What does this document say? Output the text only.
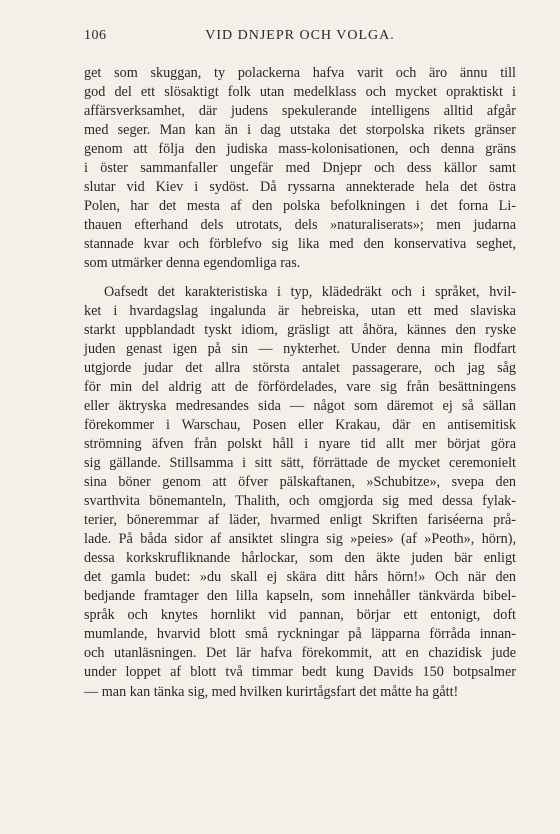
106	VID DNJEPR OCH VOLGA.
get som skuggan, ty polackerna hafva varit och äro ännu till
god del ett slösaktigt folk utan medelklass och mycket opraktiskt i
affärsverksamhet, där judens spekulerande intelligens alltid afgår
med seger. Man kan än i dag utstaka det storpolska rikets gränser
genom att följa den judiska mass-kolonisationen, och denna gräns
i öster sammanfaller ungefär med Dnjepr och dess källor samt
slutar vid Kiev i sydöst. Då ryssarna annekterade hela det östra
Polen, har det mesta af den polska befolkningen i det forna Li-
thauen efterhand dels utrotats, dels »naturaliserats»; men judarna
stannade kvar och förblefvo sig lika med den konservativa seghet,
som utmärker denna egendomliga ras.
Oafsedt det karakteristiska i typ, klädedräkt och i språket, hvil-
ket i hvardagslag ingalunda är hebreiska, utan ett med slaviska
starkt uppblandadt tyskt idiom, gräsligt att åhöra, kännes den ryske
juden genast igen på sin — nykterhet. Under denna min flodfart
utgjorde judar det allra största antalet passagerare, och jag såg
för min del aldrig att de förfördelades, vare sig från besättningens
eller äktryska medresandes sida — något som däremot ej så sällan
förekommer i Warschau, Posen eller Krakau, där en antisemitisk
strömning äfven från polskt håll i nyare tid allt mer börjat göra
sig gällande. Stillsamma i sitt sätt, förrättade de mycket ceremonielt
sina böner genom att öfver pälskaftanen, »Schubitze», svepa den
svarthvita bönemanteln, Thalith, och omgjorda sig med dessa fylak-
terier, böneremmar af läder, hvarmed enligt Skriften fariséerna prå-
lade. På båda sidor af ansiktet slingra sig »peies» (af »Peoth», hörn),
dessa korkskrufliknande hårlockar, som den äkte juden bär enligt
det gamla budet: »du skall ej skära ditt hårs hörn!» Och när den
bedjande framtager den lilla kapseln, som innehåller tänkvärda bibel-
språk och knytes hornlikt vid pannan, börjar ett entonigt, doft
mumlande, hvarvid blott små ryckningar på läpparna förråda innan-
och utanläsningen. Det lär hafva förekommit, att en chazidisk jude
under loppet af blott två timmar bedt kung Davids 150 botpsalmer
— man kan tänka sig, med hvilken kurirtågsfart det måtte ha gått!
